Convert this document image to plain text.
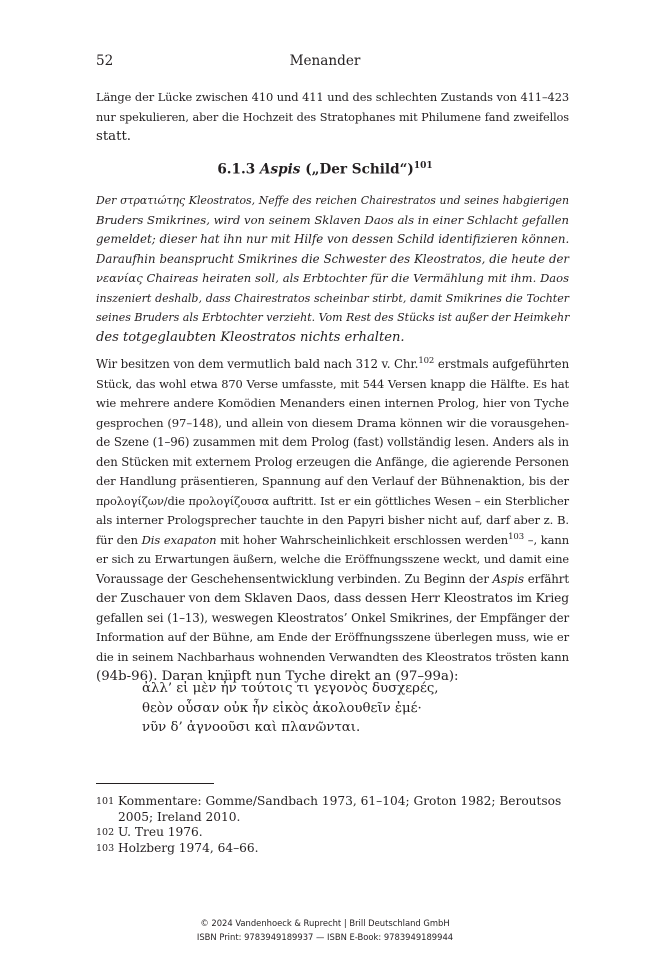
52	Menander

Länge der Lücke zwischen 410 und 411 und des schlechten Zustands von 411–423
nur spekulieren, aber die Hochzeit des Stratophanes mit Philumene fand zweifellos
statt.

6.1.3 Aspis („Der Schild“)$^{101}$

Der στρατιώτης Kleostratos, Neffe des reichen Chairestratos und seines habgierigen
Bruders Smikrines, wird von seinem Sklaven Daos als in einer Schlacht gefallen
gemeldet; dieser hat ihn nur mit Hilfe von dessen Schild identifizieren können.
Daraufhin beansprucht Smikrines die Schwester des Kleostratos, die heute der
νεανίας Chaireas heiraten soll, als Erbtochter für die Vermählung mit ihm. Daos
inszeniert deshalb, dass Chairestratos scheinbar stirbt, damit Smikrines die Tochter
seines Bruders als Erbtochter verzieht. Vom Rest des Stücks ist außer der Heimkehr
des totgeglaubten Kleostratos nichts erhalten.

Wir besitzen von dem vermutlich bald nach 312 v. Chr.$^{102}$ erstmals aufgeführten
Stück, das wohl etwa 870 Verse umfasste, mit 544 Versen knapp die Hälfte. Es hat
wie mehrere andere Komödien Menanders einen internen Prolog, hier von Tyche
gesprochen (97–148), und allein von diesem Drama können wir die vorausgehen-
de Szene (1–96) zusammen mit dem Prolog (fast) vollständig lesen. Anders als in
den Stücken mit externem Prolog erzeugen die Anfänge, die agierende Personen
der Handlung präsentieren, Spannung auf den Verlauf der Bühnenaktion, bis der
προλογίζων/die προλογίζουσα auftritt. Ist er ein göttliches Wesen – ein Sterblicher
als interner Prologsprecher tauchte in den Papyri bisher nicht auf, darf aber z. B.
für den Dis exapaton mit hoher Wahrscheinlichkeit erschlossen werden$^{103}$ –, kann
er sich zu Erwartungen äußern, welche die Eröffnungsszene weckt, und damit eine
Voraussage der Geschehensentwicklung verbinden. Zu Beginn der Aspis erfährt
der Zuschauer von dem Sklaven Daos, dass dessen Herr Kleostratos im Krieg
gefallen sei (1–13), weswegen Kleostratos’ Onkel Smikrines, der Empfänger der
Information auf der Bühne, am Ende der Eröffnungsszene überlegen muss, wie er
die in seinem Nachbarhaus wohnenden Verwandten des Kleostratos trösten kann
(94b-96). Daran knüpft nun Tyche direkt an (97–99a):

ἀλλ’ εἰ μὲν ἦν τούτοις τι γεγονὸς δυσχερές,
θεὸν οὖσαν οὐκ ἦν εἰκὸς ἀκολουθεῖν ἐμέ·
νῦν δ’ ἀγνοοῦσι καὶ πλανῶνται.

101 Kommentare: Gomme/Sandbach 1973, 61–104; Groton 1982; Beroutsos 2005; Ireland 2010.
102 U. Treu 1976.
103 Holzberg 1974, 64–66.
© 2024 Vandenhoeck & Ruprecht | Brill Deutschland GmbH
ISBN Print: 9783949189937 — ISBN E-Book: 9783949189944
